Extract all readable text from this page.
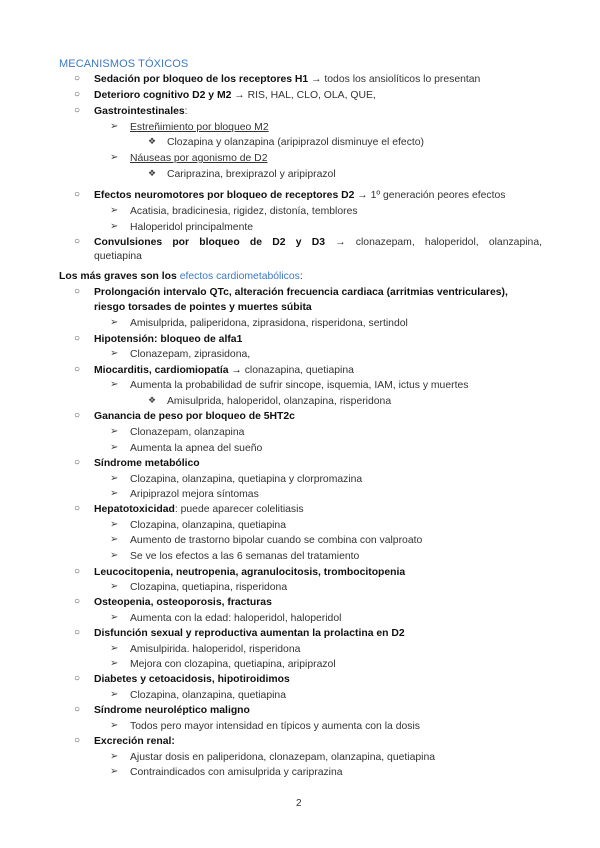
MECANISMOS TÓXICOS
○ Sedación por bloqueo de los receptores H1 → todos los ansiolíticos lo presentan
○ Deterioro cognitivo D2 y M2 → RIS, HAL, CLO, OLA, QUE,
○ Gastrointestinales:
➢ Estreñimiento por bloqueo M2
❖ Clozapina y olanzapina (aripiprazol disminuye el efecto)
➢ Náuseas por agonismo de D2
❖ Cariprazina, brexiprazol y aripiprazol
○ Efectos neuromotores por bloqueo de receptores D2 → 1º generación peores efectos
➢ Acatisia, bradicinesia, rigidez, distonía, temblores
➢ Haloperidol principalmente
○ Convulsiones por bloqueo de D2 y D3 → clonazepam, haloperidol, olanzapina,
quetiapina
Los más graves son los efectos cardiometabólicos:
○ Prolongación intervalo QTc, alteración frecuencia cardiaca (arritmias ventriculares),
riesgo torsades de pointes y muertes súbita
➢ Amisulprida, paliperidona, ziprasidona, risperidona, sertindol
○ Hipotensión: bloqueo de alfa1
➢ Clonazepam, ziprasidona,
○ Miocarditis, cardiomiopatía → clonazapina, quetiapina
➢ Aumenta la probabilidad de sufrir sincope, isquemia, IAM, ictus y muertes
❖ Amisulprida, haloperidol, olanzapina, risperidona
○ Ganancia de peso por bloqueo de 5HT2c
➢ Clonazepam, olanzapina
➢ Aumenta la apnea del sueño
○ Síndrome metabólico
➢ Clozapina, olanzapina, quetiapina y clorpromazina
➢ Aripiprazol mejora síntomas
○ Hepatotoxicidad: puede aparecer colelitiasis
➢ Clozapina, olanzapina, quetiapina
➢ Aumento de trastorno bipolar cuando se combina con valproato
➢ Se ve los efectos a las 6 semanas del tratamiento
○ Leucocitopenia, neutropenia, agranulocitosis, trombocitopenia
➢ Clozapina, quetiapina, risperidona
○ Osteopenia, osteoporosis, fracturas
➢ Aumenta con la edad: haloperidol, haloperidol
○ Disfunción sexual y reproductiva aumentan la prolactina en D2
➢ Amisulpirida. haloperidol, risperidona
➢ Mejora con clozapina, quetiapina, aripiprazol
○ Diabetes y cetoacidosis, hipotiroidimos
➢ Clozapina, olanzapina, quetiapina
○ Síndrome neuroléptico maligno
➢ Todos pero mayor intensidad en típicos y aumenta con la dosis
○ Excreción renal:
➢ Ajustar dosis en paliperidona, clonazepam, olanzapina, quetiapina
➢ Contraindicados con amisulprida y cariprazina
2
